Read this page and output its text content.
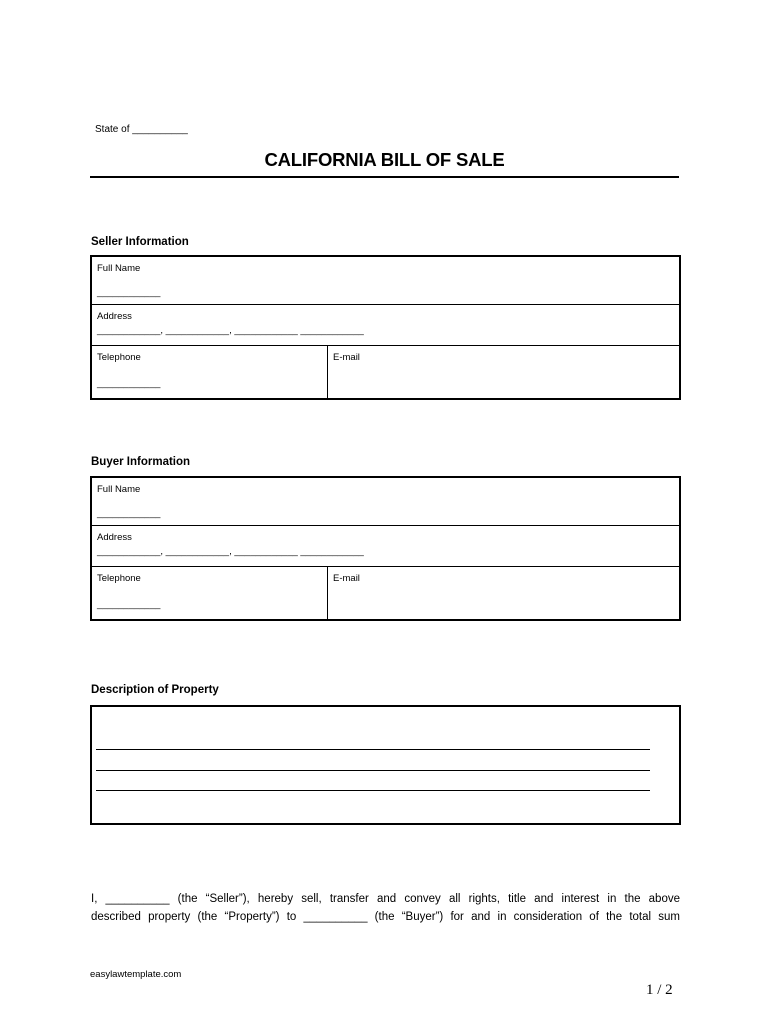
State of __________
CALIFORNIA BILL OF SALE
Seller Information
Full Name
____________
Address
____________, ____________, ____________ ____________
Telephone
____________
E-mail
Buyer Information
Full Name
____________
Address
____________, ____________, ____________ ____________
Telephone
____________
E-mail
Description of Property
I, __________ (the “Seller”), hereby sell, transfer and convey all rights, title and interest in the above
described property (the “Property”) to __________ (the “Buyer”) for and in consideration of the total sum
easylawtemplate.com
1 / 2
